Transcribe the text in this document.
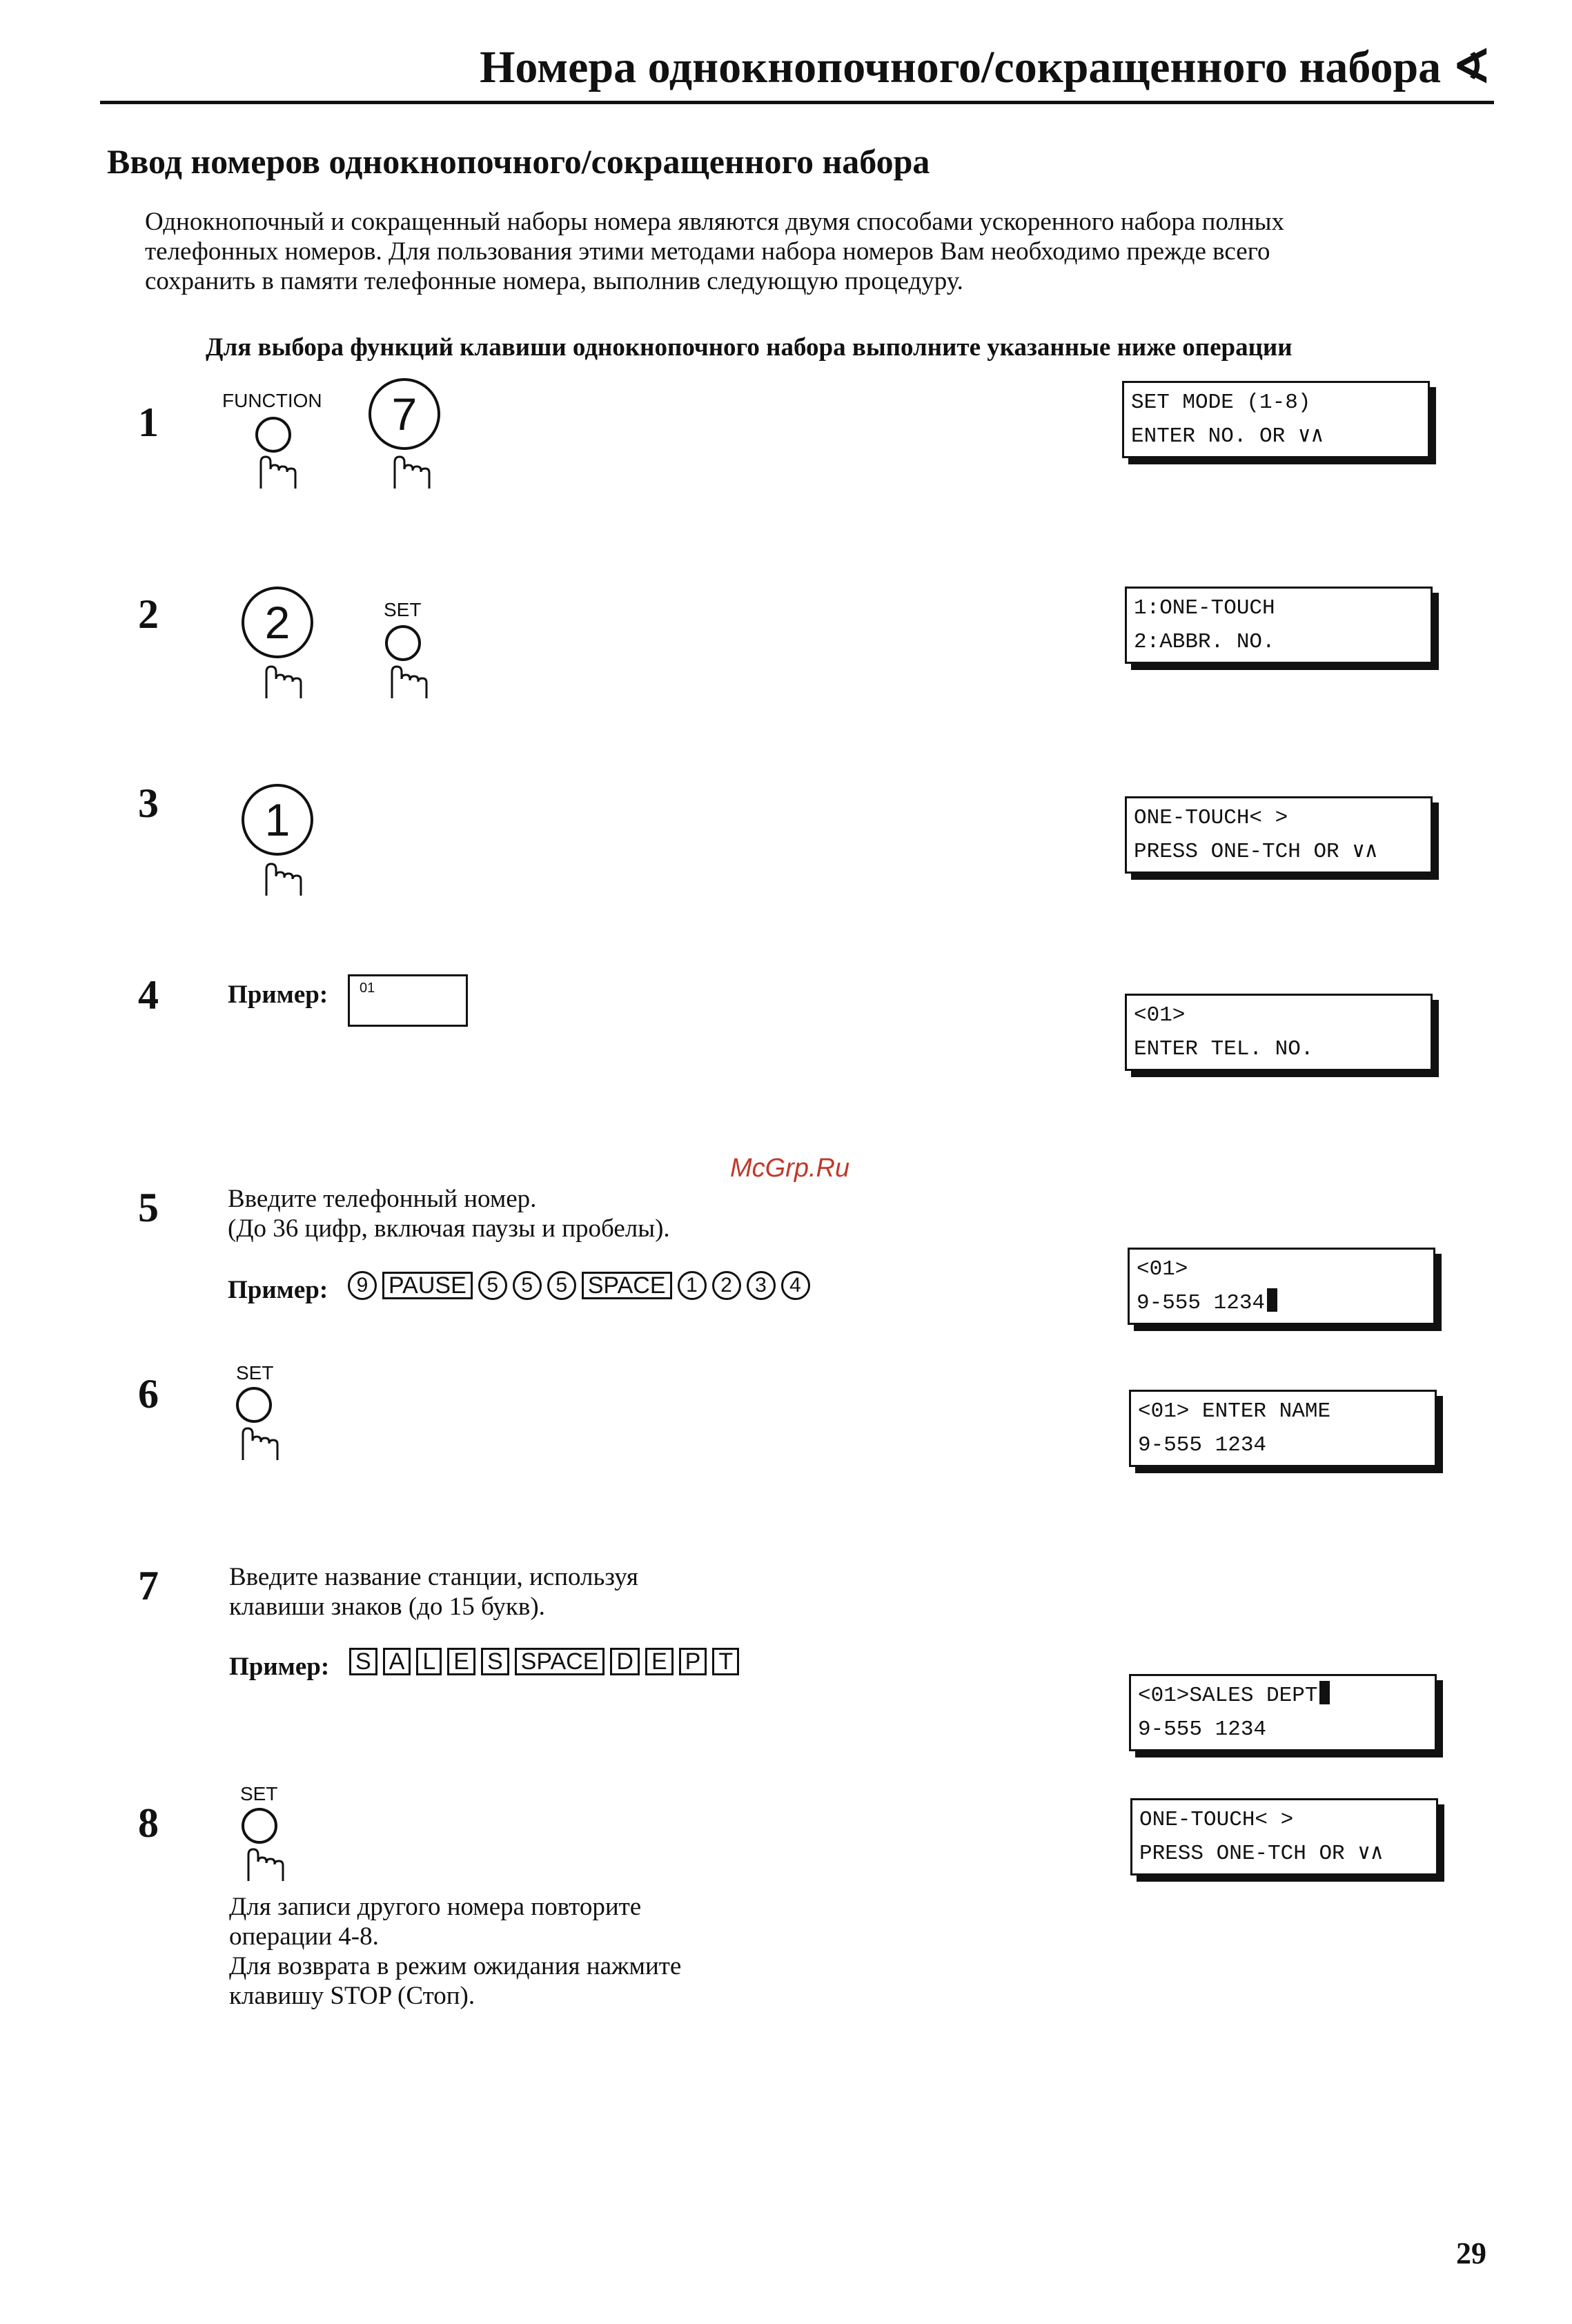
Номера однокнопочного/сокращенного набора ∢
Ввод номеров однокнопочного/сокращенного набора
Однокнопочный и сокращенный наборы номера являются двумя способами ускоренного набора полных
телефонных номеров. Для пользования этими методами набора номеров Вам необходимо прежде всего
сохранить в памяти телефонные номера, выполнив следующую процедуру.
Для выбора функций клавиши однокнопочного набора выполните указанные ниже операции
1	FUNCTION	7	SET MODE (1-8)
ENTER NO. OR ∨∧
2	2	SET	1:ONE-TOUCH
2:ABBR. NO.
3	1	ONE-TOUCH< >
PRESS ONE-TCH OR ∨∧
4	Пример:	01
<01>
ENTER TEL. NO.
McGrp.Ru
5	Введите телефонный номер.
(До 36 цифр, включая паузы и пробелы).
Пример:	9 PAUSE 5	5	5 SPACE 1	2	3	4
<01>
9-555 1234
6	SET
<01> ENTER NAME
9-555 1234
7	Введите название станции, используя
клавиши знаков (до 15 букв).
Пример: S A L E S SPACE D E P T
<01>SALES DEPT
9-555 1234
8
SET
ONE-TOUCH< >
PRESS ONE-TCH OR ∨∧
Для записи другого номера повторите
операции 4-8.
Для возврата в режим ожидания нажмите
клавишу STOP (Стоп).
29
